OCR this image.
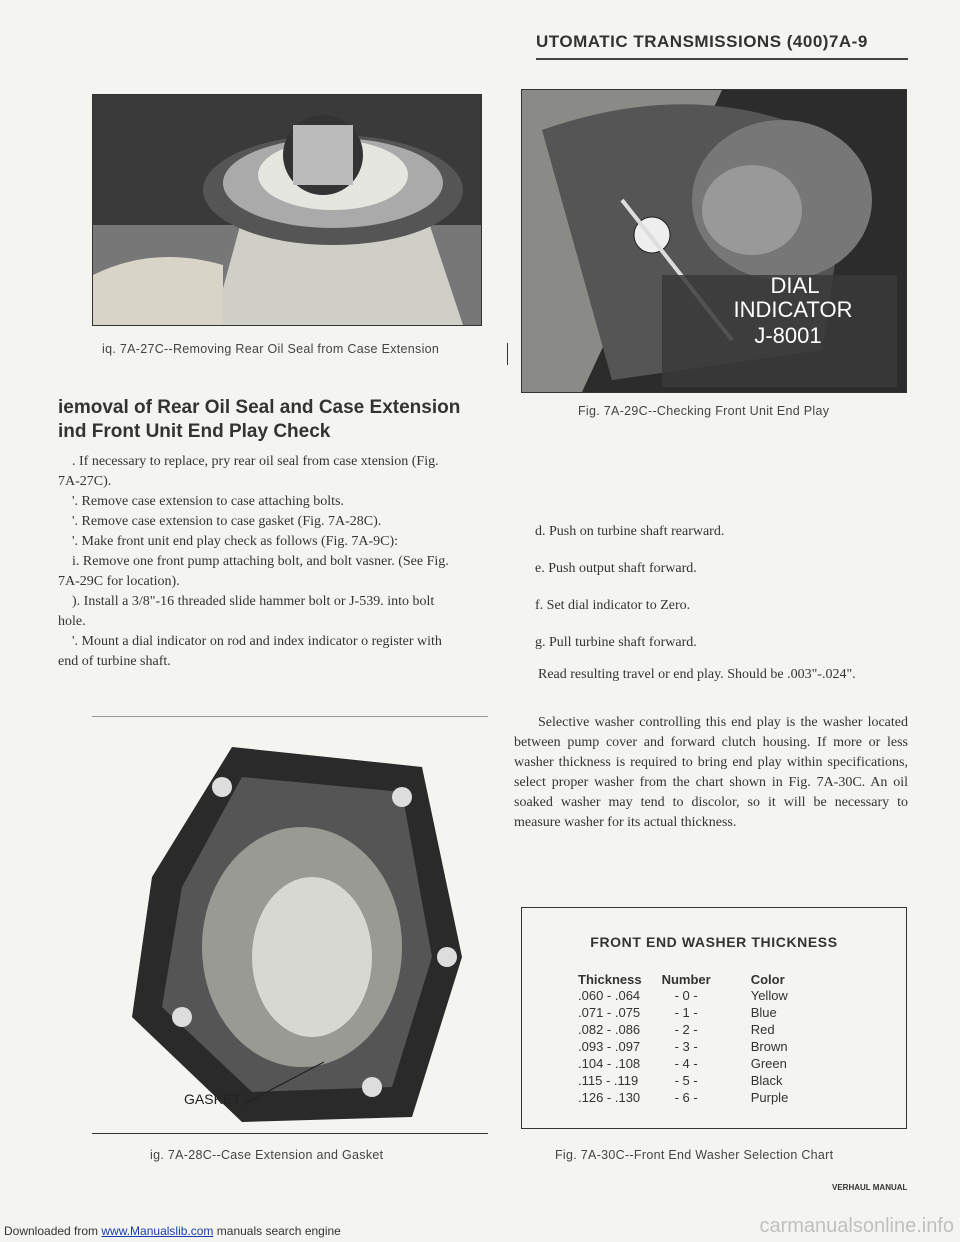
UTOMATIC TRANSMISSIONS (400)7A-9
iq. 7A-27C--Removing Rear Oil Seal from Case Extension
iemoval of Rear Oil Seal and Case Extension
ind Front Unit End Play Check

. If necessary to replace, pry rear oil seal from case xtension (Fig. 7A-27C).

'. Remove case extension to case attaching bolts.

'. Remove case extension to case gasket (Fig. 7A-28C).

'. Make front unit end play check as follows (Fig. 7A-9C):

i. Remove one front pump attaching bolt, and bolt vasner. (See Fig. 7A-29C for location).

). Install a 3/8"-16 threaded slide hammer bolt or J-539. into bolt hole.

'. Mount a dial indicator on rod and index indicator o register with end of turbine shaft.

GASKET
ig. 7A-28C--Case Extension and Gasket
DIAL
INDICATOR
J-8001
Fig. 7A-29C--Checking Front Unit End Play

d. Push on turbine shaft rearward.

e. Push output shaft forward.

f. Set dial indicator to Zero.

g. Pull turbine shaft forward.

Read resulting travel or end play. Should be .003"-.024".
Selective washer controlling this end play is the washer located between pump cover and forward clutch housing. If more or less washer thickness is required to bring end play within specifications, select proper washer from the chart shown in Fig. 7A-30C. An oil soaked washer may tend to discolor, so it will be necessary to measure washer for its actual thickness.
FRONT END WASHER THICKNESS
Thickness	Number	Color
.060 - .064	- 0 -	Yellow
.071 - .075	- 1 -	Blue
.082 - .086	- 2 -	Red
.093 - .097	- 3 -	Brown
.104 - .108	- 4 -	Green
.115 - .119	- 5 -	Black
.126 - .130	- 6 -	Purple
Fig. 7A-30C--Front End Washer Selection Chart
VERHAUL MANUAL
Downloaded from www.Manualslib.com manuals search engine	carmanualsonline.info
